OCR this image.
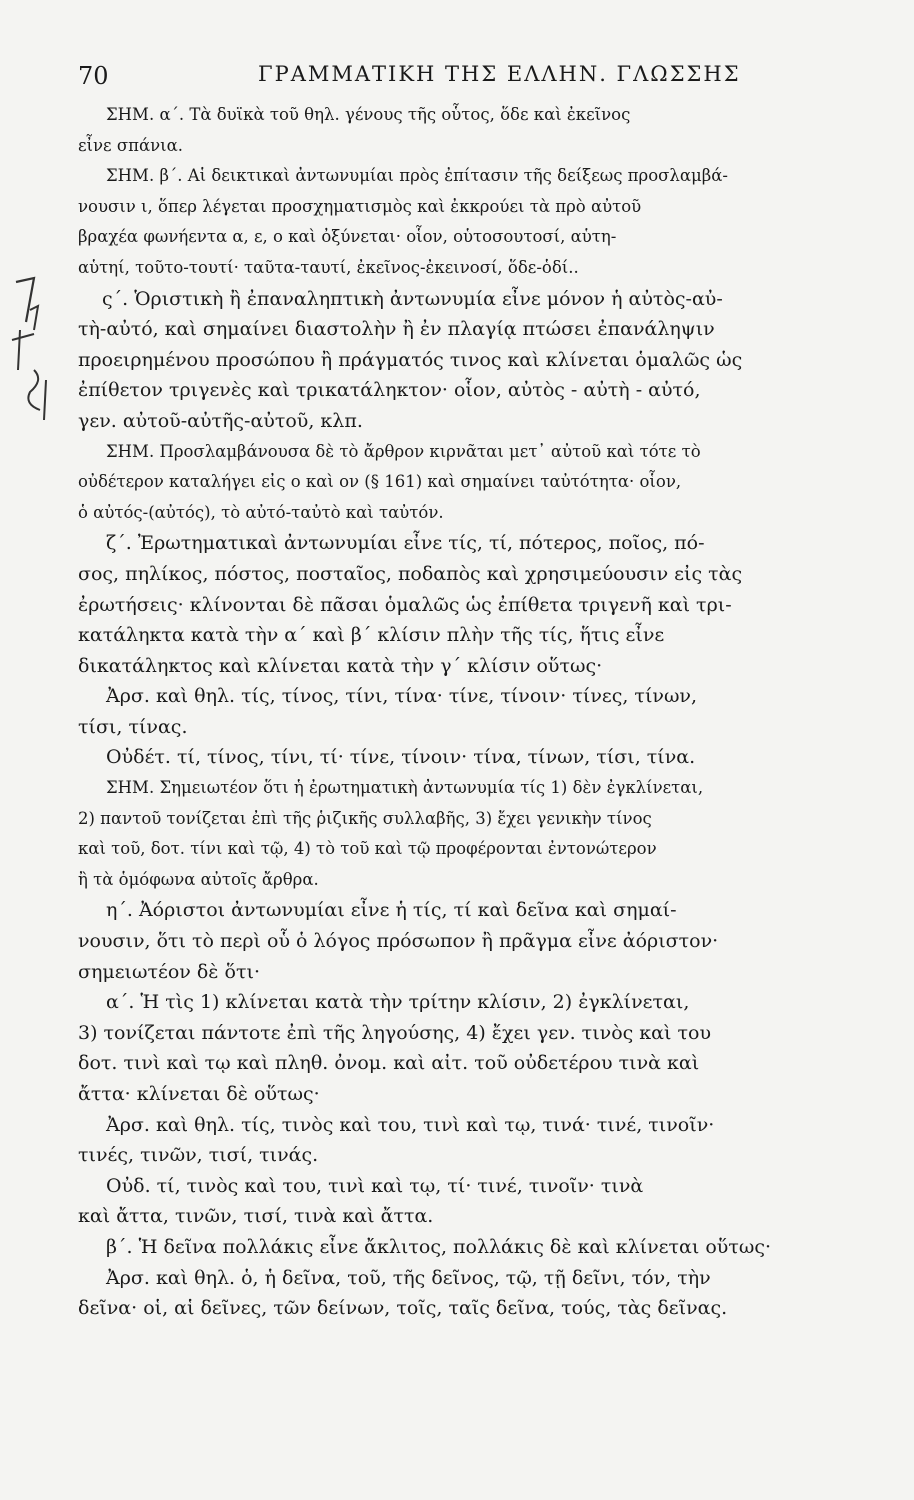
70	ΓΡΑΜΜΑΤΙΚΗ ΤΗΣ ΕΛΛΗΝ. ΓΛΩΣΣΗΣ
ΣΗΜ. α΄. Τὰ δυϊκὰ τοῦ θηλ. γένους τῆς οὗτος, ὅδε καὶ ἐκεῖνος
εἶνε σπάνια.
ΣΗΜ. β΄. Αἱ δεικτικαὶ ἀντωνυμίαι πρὸς ἐπίτασιν τῆς δείξεως προσλαμβά-
νουσιν ι, ὅπερ λέγεται προσχηματισμὸς καὶ ἐκκρούει τὰ πρὸ αὐτοῦ
βραχέα φωνήεντα α, ε, ο καὶ ὀξύνεται· οἷον, οὑτοσουτοσί, αὑτη-
αὑτηί, τοῦτο-τουτί· ταῦτα-ταυτί, ἐκεῖνος-ἐκεινοσί, ὅδε-ὁδί..
ς΄. Ὁριστικὴ ἢ ἐπαναληπτικὴ ἀντωνυμία εἶνε μόνον ἡ αὐτὸς-αὐ-
τὴ-αὐτό, καὶ σημαίνει διαστολὴν ἢ ἐν πλαγίᾳ πτώσει ἐπανάληψιν
προειρημένου προσώπου ἢ πράγματός τινος καὶ κλίνεται ὁμαλῶς ὡς
ἐπίθετον τριγενὲς καὶ τρικατάληκτον· οἷον, αὐτὸς - αὐτὴ - αὐτό,
γεν. αὐτοῦ-αὐτῆς-αὐτοῦ, κλπ.
ΣΗΜ. Προσλαμβάνουσα δὲ τὸ ἄρθρον κιρνᾶται μετ᾽ αὐτοῦ καὶ τότε τὸ
οὐδέτερον καταλήγει εἰς ο καὶ ον (§ 161) καὶ σημαίνει ταὐτότητα· οἷον,
ὁ αὐτός-(αὐτός), τὸ αὐτό-ταὐτὸ καὶ ταὐτόν.
ζ΄. Ἐρωτηματικαὶ ἀντωνυμίαι εἶνε τίς, τί, πότερος, ποῖος, πό-
σος, πηλίκος, πόστος, ποσταῖος, ποδαπὸς καὶ χρησιμεύουσιν εἰς τὰς
ἐρωτήσεις· κλίνονται δὲ πᾶσαι ὁμαλῶς ὡς ἐπίθετα τριγενῆ καὶ τρι-
κατάληκτα κατὰ τὴν α΄ καὶ β΄ κλίσιν πλὴν τῆς τίς, ἥτις εἶνε
δικατάληκτος καὶ κλίνεται κατὰ τὴν γ΄ κλίσιν οὕτως·
Ἀρσ. καὶ θηλ. τίς, τίνος, τίνι, τίνα· τίνε, τίνοιν· τίνες, τίνων,
τίσι, τίνας.
Οὐδέτ. τί, τίνος, τίνι, τί· τίνε, τίνοιν· τίνα, τίνων, τίσι, τίνα.
ΣΗΜ. Σημειωτέον ὅτι ἡ ἐρωτηματικὴ ἀντωνυμία τίς 1) δὲν ἐγκλίνεται,
2) παντοῦ τονίζεται ἐπὶ τῆς ῥιζικῆς συλλαβῆς, 3) ἔχει γενικὴν τίνος
καὶ τοῦ, δοτ. τίνι καὶ τῷ, 4) τὸ τοῦ καὶ τῷ προφέρονται ἐντονώτερον
ἢ τὰ ὁμόφωνα αὐτοῖς ἄρθρα.
η΄. Ἀόριστοι ἀντωνυμίαι εἶνε ἡ τίς, τί καὶ δεῖνα καὶ σημαί-
νουσιν, ὅτι τὸ περὶ οὗ ὁ λόγος πρόσωπον ἢ πρᾶγμα εἶνε ἀόριστον·
σημειωτέον δὲ ὅτι·
α΄. Ἡ τὶς 1) κλίνεται κατὰ τὴν τρίτην κλίσιν, 2) ἐγκλίνεται,
3) τονίζεται πάντοτε ἐπὶ τῆς ληγούσης, 4) ἔχει γεν. τινὸς καὶ του
δοτ. τινὶ καὶ τῳ καὶ πληθ. ὀνομ. καὶ αἰτ. τοῦ οὐδετέρου τινὰ καὶ
ἄττα· κλίνεται δὲ οὕτως·
Ἀρσ. καὶ θηλ. τίς, τινὸς καὶ του, τινὶ καὶ τῳ, τινά· τινέ, τινοῖν·
τινές, τινῶν, τισί, τινάς.
Οὐδ. τί, τινὸς καὶ του, τινὶ καὶ τῳ, τί· τινέ, τινοῖν· τινὰ
καὶ ἄττα, τινῶν, τισί, τινὰ καὶ ἄττα.
β΄. Ἡ δεῖνα πολλάκις εἶνε ἄκλιτος, πολλάκις δὲ καὶ κλίνεται οὕτως·
Ἀρσ. καὶ θηλ. ὁ, ἡ δεῖνα, τοῦ, τῆς δεῖνος, τῷ, τῇ δεῖνι, τόν, τὴν
δεῖνα· οἱ, αἱ δεῖνες, τῶν δείνων, τοῖς, ταῖς δεῖνα, τούς, τὰς δεῖνας.
